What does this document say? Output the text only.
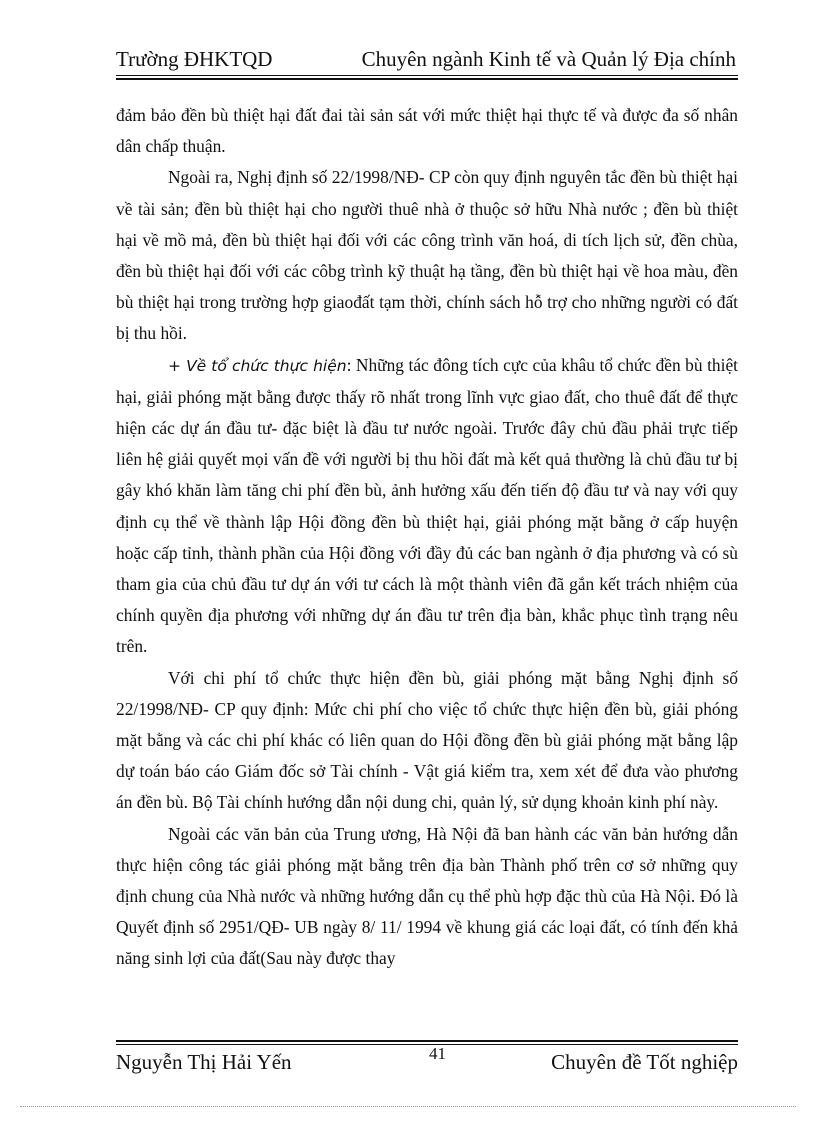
Trường ĐHKTQD	Chuyên ngành Kinh tế và Quản lý Địa chính

đảm bảo đền bù thiệt hại đất đai tài sản sát với mức thiệt hại thực tế và được đa số nhân dân chấp thuận.

Ngoài ra, Nghị định số 22/1998/NĐ- CP còn quy định nguyên tắc đền bù thiệt hại về tài sản; đền bù thiệt hại cho người thuê nhà ở thuộc sở hữu Nhà nước ; đền bù thiệt hại về mồ mả, đền bù thiệt hại đối với các công trình văn hoá, di tích lịch sử, đền chùa, đền bù thiệt hại đối với các côbg trình kỹ thuật hạ tầng, đền bù thiệt hại về hoa màu, đền bù thiệt hại trong trường hợp giaođất tạm thời, chính sách hỗ trợ cho những người có đất bị thu hồi.

+ Về tổ chức thực hiện: Những tác đông tích cực của khâu tổ chức đền bù thiệt hại, giải phóng mặt bằng được thấy rõ nhất trong lĩnh vực giao đất, cho thuê đất để thực hiện các dự án đầu tư- đặc biệt là đầu tư nước ngoài. Trước đây chủ đầu phải trực tiếp liên hệ giải quyết mọi vấn đề với người bị thu hồi đất mà kết quả thường là chủ đầu tư bị gây khó khăn làm tăng chi phí đền bù, ảnh hưởng xấu đến tiến độ đầu tư và nay với quy định cụ thể về thành lập Hội đồng đền bù thiệt hại, giải phóng mặt bằng ở cấp huyện hoặc cấp tỉnh, thành phần của Hội đồng với đầy đủ các ban ngành ở địa phương và có sù tham gia của chủ đầu tư dự án với tư cách là một thành viên đã gắn kết trách nhiệm của chính quyền địa phương với những dự án đầu tư trên địa bàn, khắc phục tình trạng nêu trên.

Với chi phí tổ chức thực hiện đền bù, giải phóng mặt bằng Nghị định số 22/1998/NĐ- CP quy định: Mức chi phí cho việc tổ chức thực hiện đền bù, giải phóng mặt bằng và các chi phí khác có liên quan do Hội đồng đền bù giải phóng mặt bằng lập dự toán báo cáo Giám đốc sở Tài chính - Vật giá kiểm tra, xem xét để đưa vào phương án đền bù. Bộ Tài chính hướng dẫn nội dung chi, quản lý, sử dụng khoản kinh phí này.

Ngoài các văn bản của Trung ương, Hà Nội đã ban hành các văn bản hướng dẫn thực hiện công tác giải phóng mặt bằng trên địa bàn Thành phố trên cơ sở những quy định chung của Nhà nước và những hướng dẫn cụ thể phù hợp đặc thù của Hà Nội. Đó là Quyết định số 2951/QĐ- UB ngày 8/ 11/ 1994 về khung giá các loại đất, có tính đến khả năng sinh lợi của đất(Sau này được thay

Nguyễn Thị Hải Yến	41	Chuyên đề Tốt nghiệp
